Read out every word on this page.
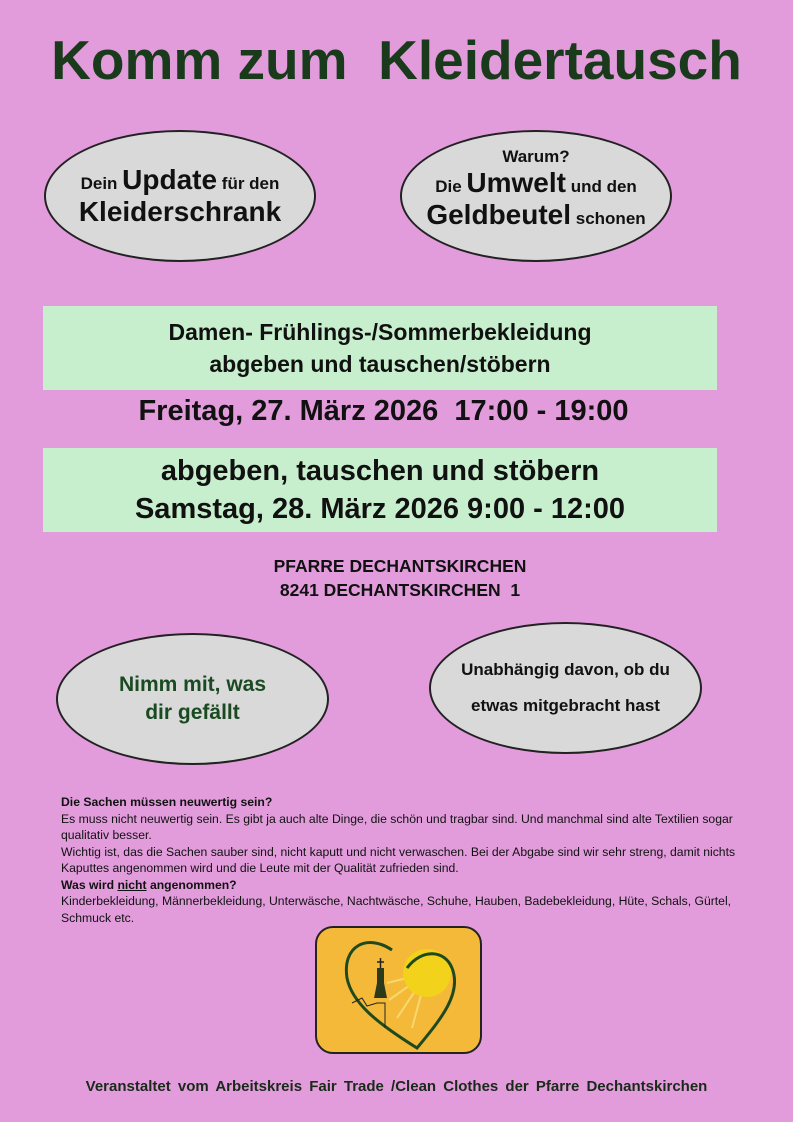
Komm zum  Kleidertausch
Dein Update für den
Kleiderschrank
Warum?
Die Umwelt und den
Geldbeutel schonen
Damen- Frühlings-/Sommerbekleidung
abgeben und tauschen/stöbern
Freitag, 27. März 2026  17:00 - 19:00
abgeben, tauschen und stöbern
Samstag, 28. März 2026 9:00 - 12:00
PFARRE DECHANTSKIRCHEN
8241 DECHANTSKIRCHEN  1
Nimm mit, was
dir gefällt
Unabhängig davon, ob du
etwas mitgebracht hast
Die Sachen müssen neuwertig sein?
Es muss nicht neuwertig sein. Es gibt ja auch alte Dinge, die schön und tragbar sind. Und manchmal sind alte Textilien sogar qualitativ besser.
Wichtig ist, das die Sachen sauber sind, nicht kaputt und nicht verwaschen. Bei der Abgabe sind wir sehr streng, damit nichts Kaputtes angenommen wird und die Leute mit der Qualität zufrieden sind.
Was wird nicht angenommen?
Kinderbekleidung, Männerbekleidung, Unterwäsche, Nachtwäsche, Schuhe, Hauben, Badebekleidung, Hüte, Schals, Gürtel, Schmuck etc.
Veranstaltet vom Arbeitskreis Fair Trade /Clean Clothes der Pfarre Dechantskirchen
